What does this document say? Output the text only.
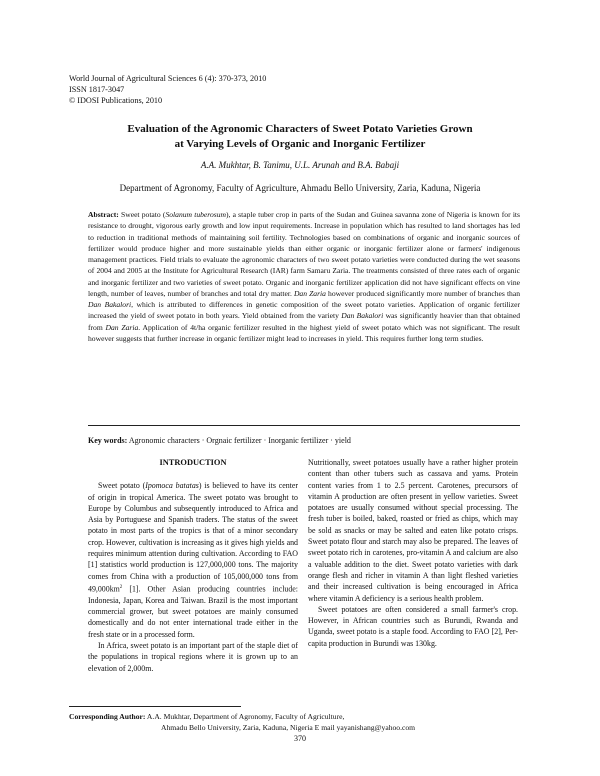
World Journal of Agricultural Sciences 6 (4): 370-373, 2010
ISSN 1817-3047
© IDOSI Publications, 2010
Evaluation of the Agronomic Characters of Sweet Potato Varieties Grown
at Varying Levels of Organic and Inorganic Fertilizer
A.A. Mukhtar, B. Tanimu, U.L. Arunah and B.A. Babaji
Department of Agronomy, Faculty of Agriculture, Ahmadu Bello University, Zaria, Kaduna, Nigeria
Abstract: Sweet potato (Solanum tuberosum), a staple tuber crop in parts of the Sudan and Guinea savanna zone of Nigeria is known for its resistance to drought, vigorous early growth and low input requirements. Increase in population which has resulted to land shortages has led to reduction in traditional methods of maintaining soil fertility. Technologies based on combinations of organic and inorganic sources of fertilizer would produce higher and more sustainable yields than either organic or inorganic fertilizer alone or farmers' indigenous management practices. Field trials to evaluate the agronomic characters of two sweet potato varieties were conducted during the wet seasons of 2004 and 2005 at the Institute for Agricultural Research (IAR) farm Samaru Zaria. The treatments consisted of three rates each of organic and inorganic fertilizer and two varieties of sweet potato. Organic and inorganic fertilizer application did not have significant effects on vine length, number of leaves, number of branches and total dry matter. Dan Zaria however produced significantly more number of branches than Dan Bakalori, which is attributed to differences in genetic composition of the sweet potato varieties. Application of organic fertilizer increased the yield of sweet potato in both years. Yield obtained from the variety Dan Bakalori was significantly heavier than that obtained from Dan Zaria. Application of 4t/ha organic fertilizer resulted in the highest yield of sweet potato which was not significant. The result however suggests that further increase in organic fertilizer might lead to increases in yield. This requires further long term studies.
Key words: Agronomic characters · Orgnaic fertilizer · Inorganic fertilizer · yield
INTRODUCTION

Sweet potato (Ipomoca batatas) is believed to have its center of origin in tropical America. The sweet potato was brought to Europe by Columbus and subsequently introduced to Africa and Asia by Portuguese and Spanish traders. The status of the sweet potato in most parts of the tropics is that of a minor secondary crop. However, cultivation is increasing as it gives high yields and requires minimum attention during cultivation. According to FAO [1] statistics world production is 127,000,000 tons. The majority comes from China with a production of 105,000,000 tons from $49,000km^2$ [1]. Other Asian producing countries include: Indonesia, Japan, Korea and Taiwan. Brazil is the most important commercial grower, but sweet potatoes are mainly consumed domestically and do not enter international trade either in the fresh state or in a processed form.

In Africa, sweet potato is an important part of the staple diet of the populations in tropical regions where it is grown up to an elevation of 2,000m.

Nutritionally, sweet potatoes usually have a rather higher protein content than other tubers such as cassava and yams. Protein content varies from 1 to 2.5 percent. Carotenes, precursors of vitamin A production are often present in yellow varieties. Sweet potatoes are usually consumed without special processing. The fresh tuber is boiled, baked, roasted or fried as chips, which may be sold as snacks or may be salted and eaten like potato crisps. Sweet potato flour and starch may also be prepared. The leaves of sweet potato rich in carotenes, pro-vitamin A and calcium are also a valuable addition to the diet. Sweet potato varieties with dark orange flesh and richer in vitamin A than light fleshed varieties and their increased cultivation is being encouraged in Africa where vitamin A deficiency is a serious health problem.

Sweet potatoes are often considered a small farmer's crop. However, in African countries such as Burundi, Rwanda and Uganda, sweet potato is a staple food. According to FAO [2], Per-capita production in Burundi was 130kg.

Corresponding Author: A.A. Mukhtar, Department of Agronomy, Faculty of Agriculture,
Ahmadu Bello University, Zaria, Kaduna, Nigeria E mail yayanishang@yahoo.com
370
